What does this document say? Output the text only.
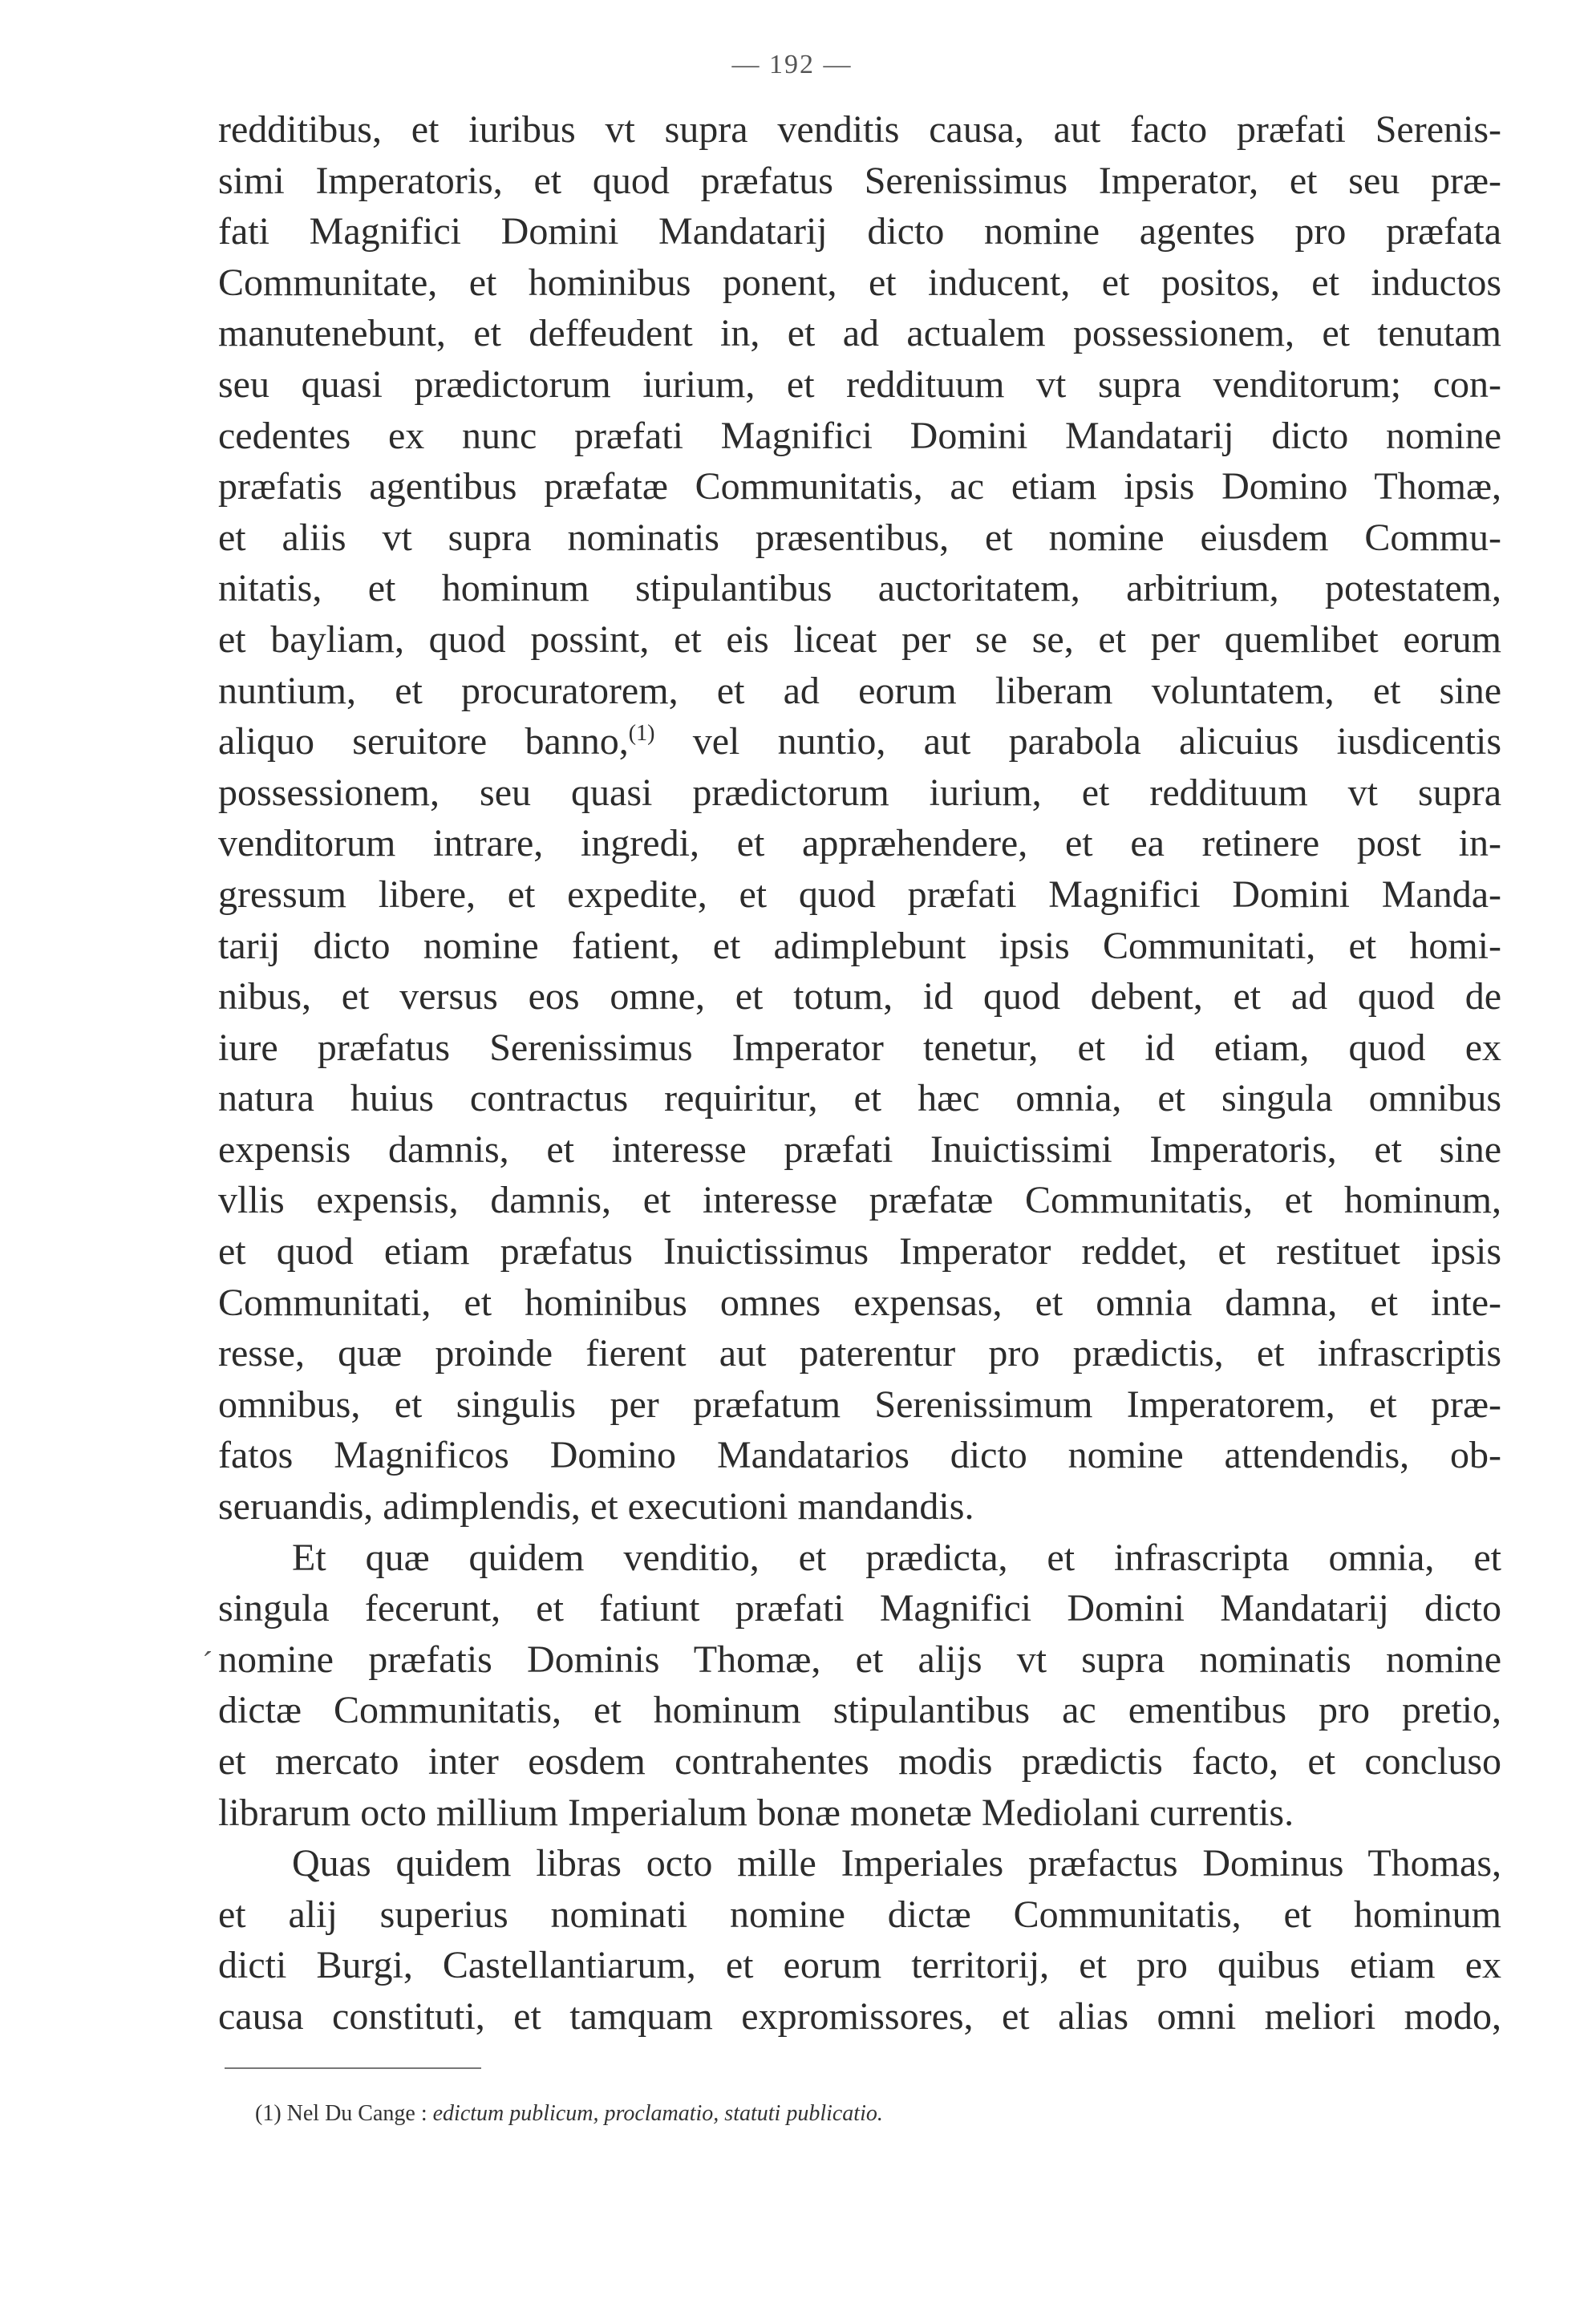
— 192 —
redditibus, et iuribus vt supra venditis causa, aut facto præfati Serenis-
simi Imperatoris, et quod præfatus Serenissimus Imperator, et seu præ-
fati Magnifici Domini Mandatarij dicto nomine agentes pro præfata
Communitate, et hominibus ponent, et inducent, et positos, et inductos
manutenebunt, et deffeudent in, et ad actualem possessionem, et tenutam
seu quasi prædictorum iurium, et reddituum vt supra venditorum; con-
cedentes ex nunc præfati Magnifici Domini Mandatarij dicto nomine
præfatis agentibus præfatæ Communitatis, ac etiam ipsis Domino Thomæ,
et aliis vt supra nominatis præsentibus, et nomine eiusdem Commu-
nitatis, et hominum stipulantibus auctoritatem, arbitrium, potestatem,
et bayliam, quod possint, et eis liceat per se se, et per quemlibet eorum
nuntium, et procuratorem, et ad eorum liberam voluntatem, et sine
aliquo seruitore banno,$^{(1)}$ vel nuntio, aut parabola alicuius iusdicentis
possessionem, seu quasi prædictorum iurium, et reddituum vt supra
venditorum intrare, ingredi, et appræhendere, et ea retinere post in-
gressum libere, et expedite, et quod præfati Magnifici Domini Manda-
tarij dicto nomine fatient, et adimplebunt ipsis Communitati, et homi-
nibus, et versus eos omne, et totum, id quod debent, et ad quod de
iure præfatus Serenissimus Imperator tenetur, et id etiam, quod ex
natura huius contractus requiritur, et hæc omnia, et singula omnibus
expensis damnis, et interesse præfati Inuictissimi Imperatoris, et sine
vllis expensis, damnis, et interesse præfatæ Communitatis, et hominum,
et quod etiam præfatus Inuictissimus Imperator reddet, et restituet ipsis
Communitati, et hominibus omnes expensas, et omnia damna, et inte-
resse, quæ proinde fierent aut paterentur pro prædictis, et infrascriptis
omnibus, et singulis per præfatum Serenissimum Imperatorem, et præ-
fatos Magnificos Domino Mandatarios dicto nomine attendendis, ob-
seruandis, adimplendis, et executioni mandandis.
Et quæ quidem venditio, et prædicta, et infrascripta omnia, et
singula fecerunt, et fatiunt præfati Magnifici Domini Mandatarij dicto
nomine præfatis Dominis Thomæ, et alijs vt supra nominatis nomine
dictæ Communitatis, et hominum stipulantibus ac ementibus pro pretio,
et mercato inter eosdem contrahentes modis prædictis facto, et concluso
librarum octo millium Imperialum bonæ monetæ Mediolani currentis.
Quas quidem libras octo mille Imperiales præfactus Dominus Thomas,
et alij superius nominati nomine dictæ Communitatis, et hominum
dicti Burgi, Castellantiarum, et eorum territorij, et pro quibus etiam ex
causa constituti, et tamquam expromissores, et alias omni meliori modo,
ˊ
(1) Nel Du Cange : edictum publicum, proclamatio, statuti publicatio.
